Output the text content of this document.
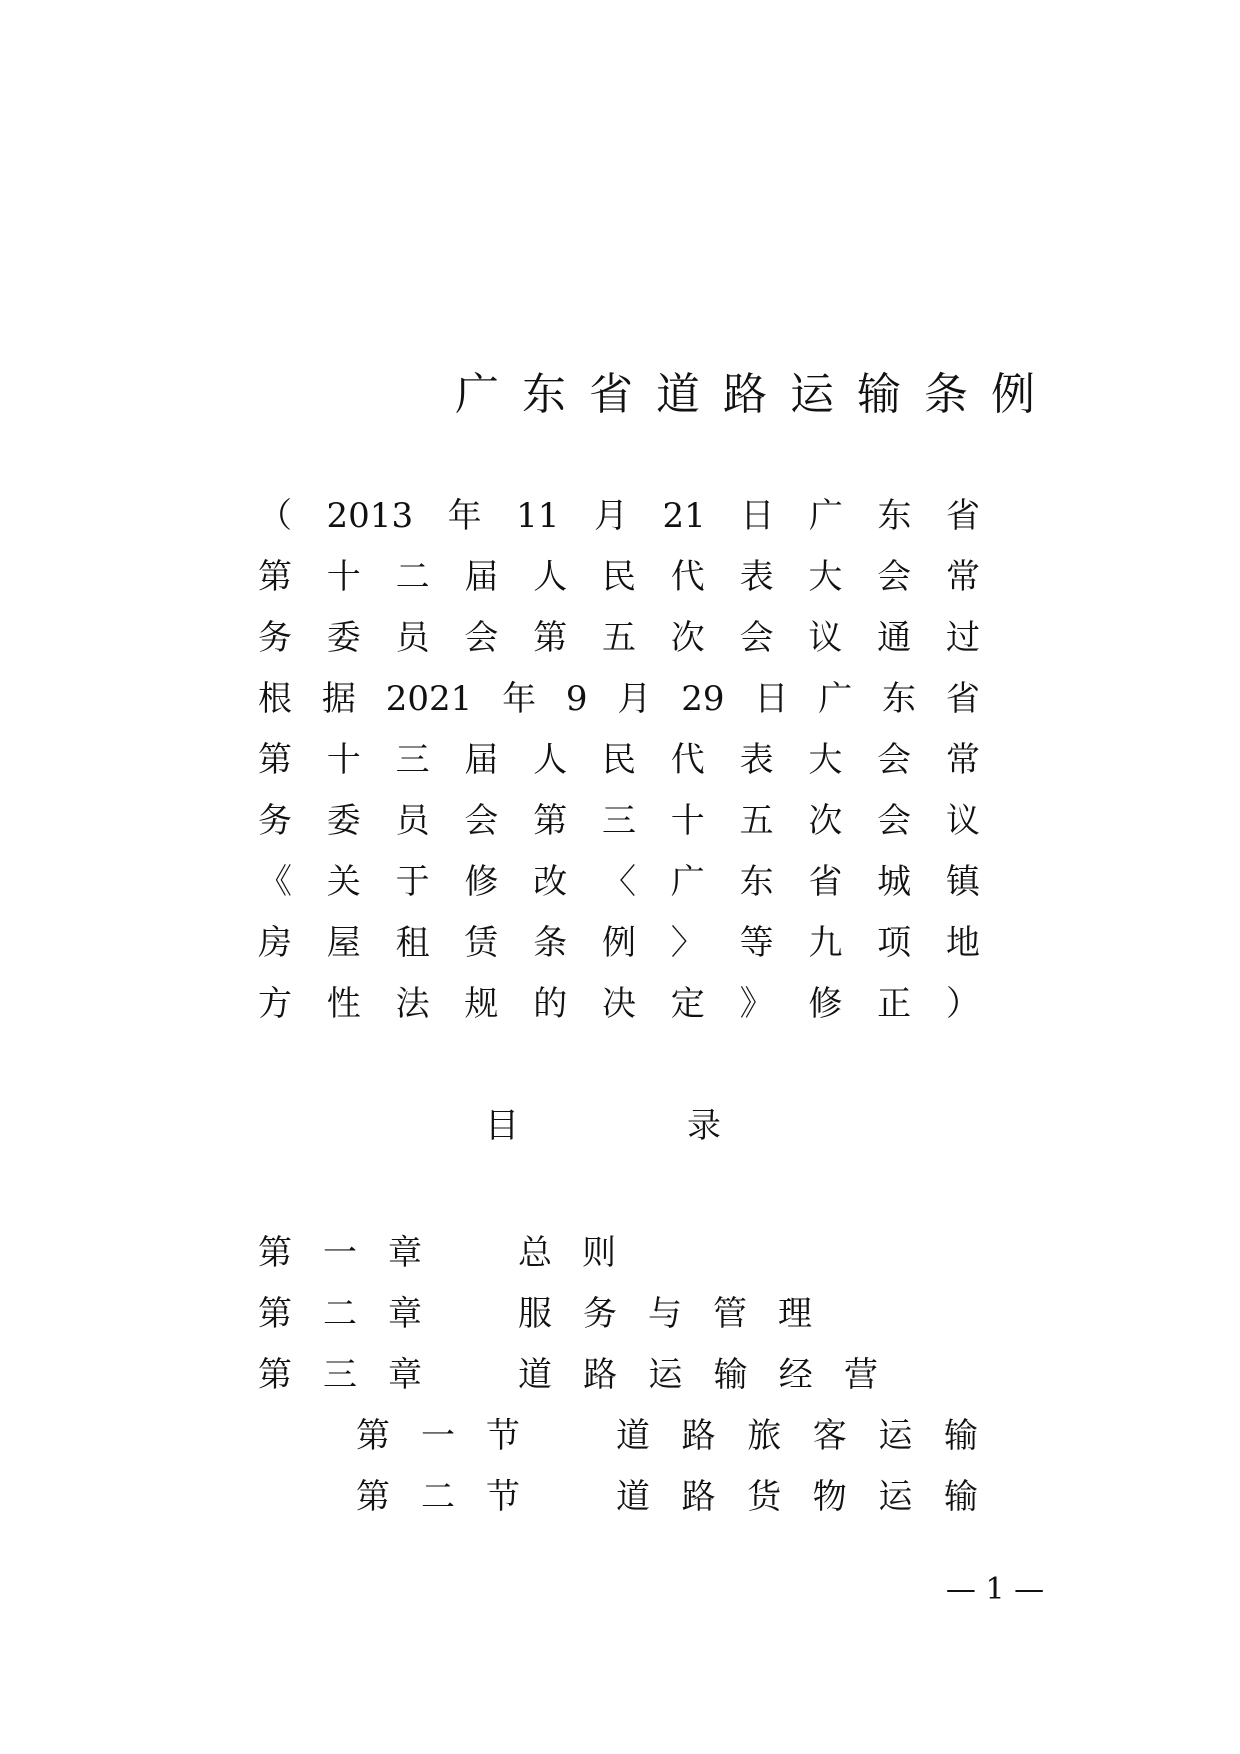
广 东 省 道 路 运 输 条 例
（ 2013 年 11 月 21 日 广 东 省
第 十 二 届 人 民 代 表 大 会 常
务 委 员 会 第 五 次 会 议 通 过
根 据 2021 年 9 月 29 日 广 东 省
第 十 三 届 人 民 代 表 大 会 常
务 委 员 会 第 三 十 五 次 会 议
《 关 于 修 改 〈 广 东 省 城 镇
房 屋 租 赁 条 例 〉 等 九 项 地
方 性 法 规 的 决 定 》 修 正 ）
目	录
第 一 章	总 则
第 二 章	服 务 与 管 理
第 三 章	道 路 运 输 经 营
第 一 节	道 路 旅 客 运 输
第 二 节	道 路 货 物 运 输
— 1 —
